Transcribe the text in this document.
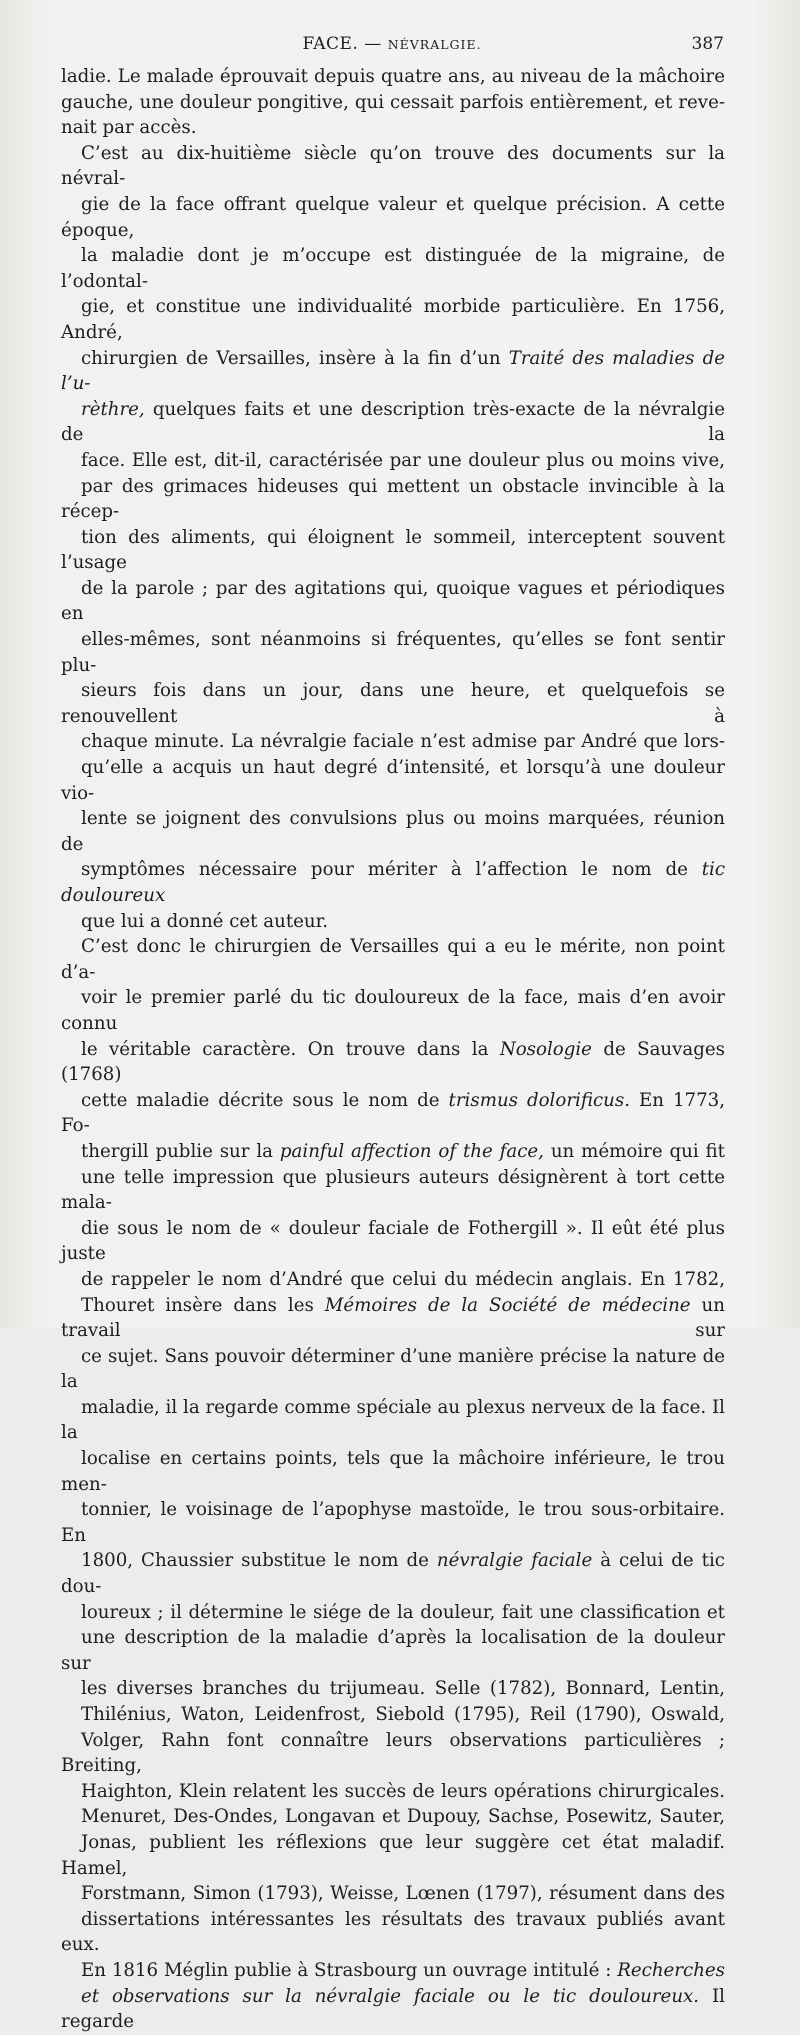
FACE. — NÉVRALGIE.	387

ladie. Le malade éprouvait depuis quatre ans, au niveau de la mâchoire
gauche, une douleur pongitive, qui cessait parfois entièrement, et reve-
nait par accès.

C’est au dix-huitième siècle qu’on trouve des documents sur la névral-
gie de la face offrant quelque valeur et quelque précision. A cette époque,
la maladie dont je m’occupe est distinguée de la migraine, de l’odontal-
gie, et constitue une individualité morbide particulière. En 1756, André,
chirurgien de Versailles, insère à la fin d’un Traité des maladies de l’u-
rèthre, quelques faits et une description très-exacte de la névralgie de la
face. Elle est, dit-il, caractérisée par une douleur plus ou moins vive,
par des grimaces hideuses qui mettent un obstacle invincible à la récep-
tion des aliments, qui éloignent le sommeil, interceptent souvent l’usage
de la parole ; par des agitations qui, quoique vagues et périodiques en
elles-mêmes, sont néanmoins si fréquentes, qu’elles se font sentir plu-
sieurs fois dans un jour, dans une heure, et quelquefois se renouvellent à
chaque minute. La névralgie faciale n’est admise par André que lors-
qu’elle a acquis un haut degré d’intensité, et lorsqu’à une douleur vio-
lente se joignent des convulsions plus ou moins marquées, réunion de
symptômes nécessaire pour mériter à l’affection le nom de tic douloureux
que lui a donné cet auteur.

C’est donc le chirurgien de Versailles qui a eu le mérite, non point d’a-
voir le premier parlé du tic douloureux de la face, mais d’en avoir connu
le véritable caractère. On trouve dans la Nosologie de Sauvages (1768)
cette maladie décrite sous le nom de trismus dolorificus. En 1773, Fo-
thergill publie sur la painful affection of the face, un mémoire qui fit
une telle impression que plusieurs auteurs désignèrent à tort cette mala-
die sous le nom de « douleur faciale de Fothergill ». Il eût été plus juste
de rappeler le nom d’André que celui du médecin anglais. En 1782,
Thouret insère dans les Mémoires de la Société de médecine un travail sur
ce sujet. Sans pouvoir déterminer d’une manière précise la nature de la
maladie, il la regarde comme spéciale au plexus nerveux de la face. Il la
localise en certains points, tels que la mâchoire inférieure, le trou men-
tonnier, le voisinage de l’apophyse mastoïde, le trou sous-orbitaire. En
1800, Chaussier substitue le nom de névralgie faciale à celui de tic dou-
loureux ; il détermine le siége de la douleur, fait une classification et
une description de la maladie d’après la localisation de la douleur sur
les diverses branches du trijumeau. Selle (1782), Bonnard, Lentin,
Thilénius, Waton, Leidenfrost, Siebold (1795), Reil (1790), Oswald,
Volger, Rahn font connaître leurs observations particulières ; Breiting,
Haighton, Klein relatent les succès de leurs opérations chirurgicales.
Menuret, Des-Ondes, Longavan et Dupouy, Sachse, Posewitz, Sauter,
Jonas, publient les réflexions que leur suggère cet état maladif. Hamel,
Forstmann, Simon (1793), Weisse, Lœnen (1797), résument dans des
dissertations intéressantes les résultats des travaux publiés avant eux.
En 1816 Méglin publie à Strasbourg un ouvrage intitulé : Recherches
et observations sur la névralgie faciale ou le tic douloureux. Il regarde
